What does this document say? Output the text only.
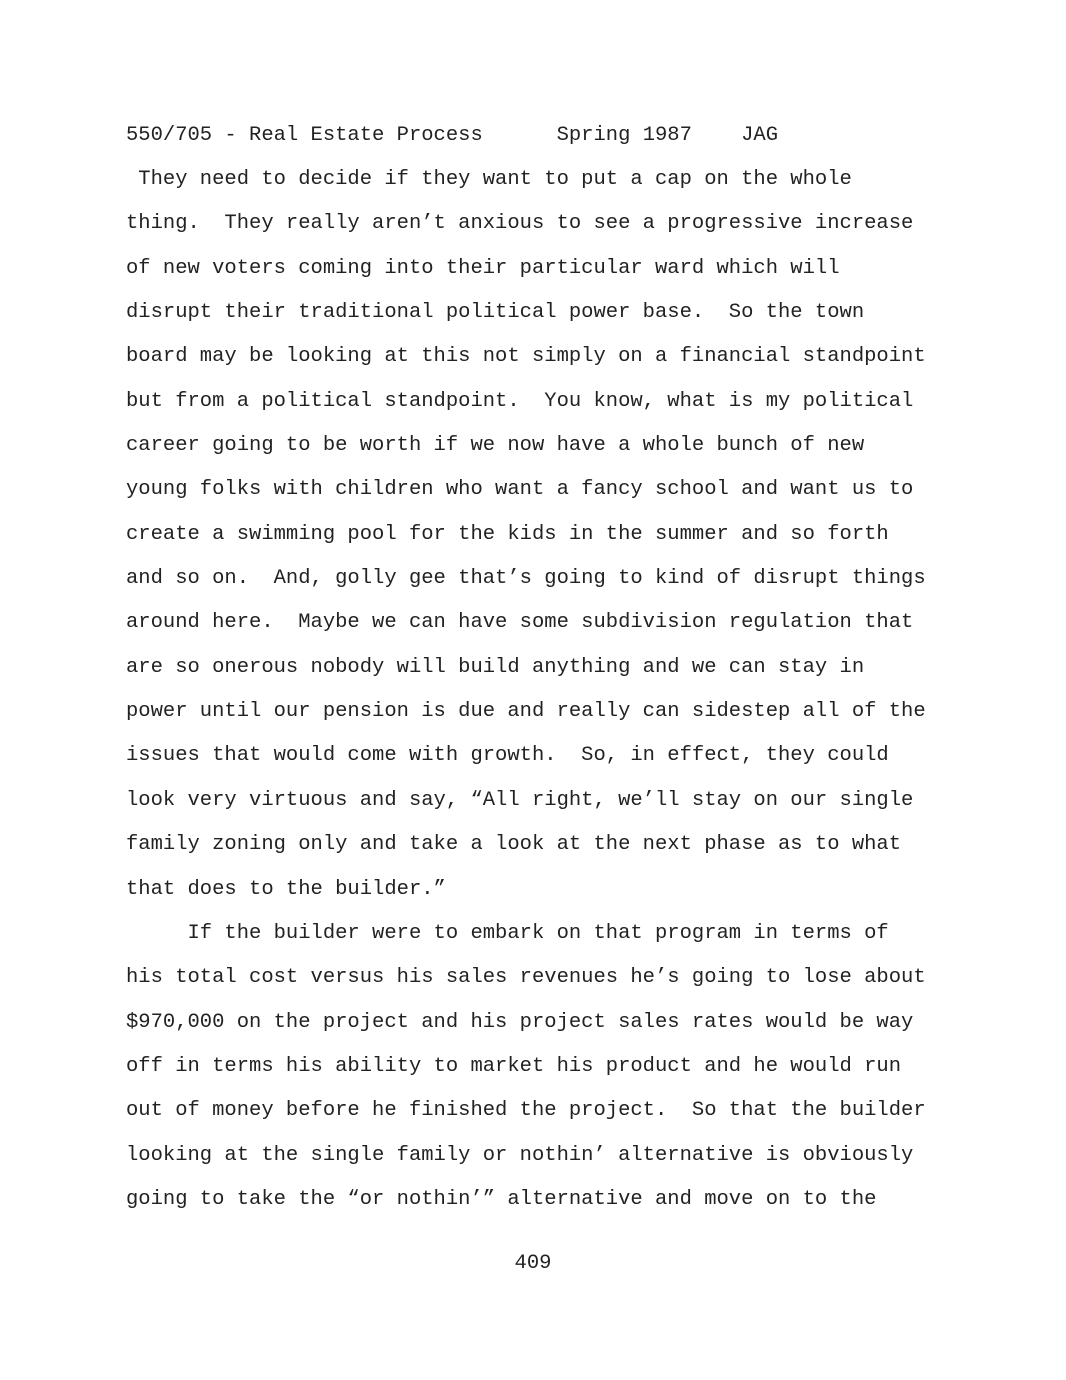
550/705 - Real Estate Process	Spring 1987 JAG
They need to decide if they want to put a cap on the whole
thing.  They really aren’t anxious to see a progressive increase
of new voters coming into their particular ward which will
disrupt their traditional political power base.  So the town
board may be looking at this not simply on a financial standpoint
but from a political standpoint.  You know, what is my political
career going to be worth if we now have a whole bunch of new
young folks with children who want a fancy school and want us to
create a swimming pool for the kids in the summer and so forth
and so on.  And, golly gee that’s going to kind of disrupt things
around here.  Maybe we can have some subdivision regulation that
are so onerous nobody will build anything and we can stay in
power until our pension is due and really can sidestep all of the
issues that would come with growth.  So, in effect, they could
look very virtuous and say, “All right, we’ll stay on our single
family zoning only and take a look at the next phase as to what
that does to the builder.”
If the builder were to embark on that program in terms of
his total cost versus his sales revenues he’s going to lose about
$970,000 on the project and his project sales rates would be way
off in terms his ability to market his product and he would run
out of money before he finished the project.  So that the builder
looking at the single family or nothin’ alternative is obviously
going to take the “or nothin’” alternative and move on to the
409
